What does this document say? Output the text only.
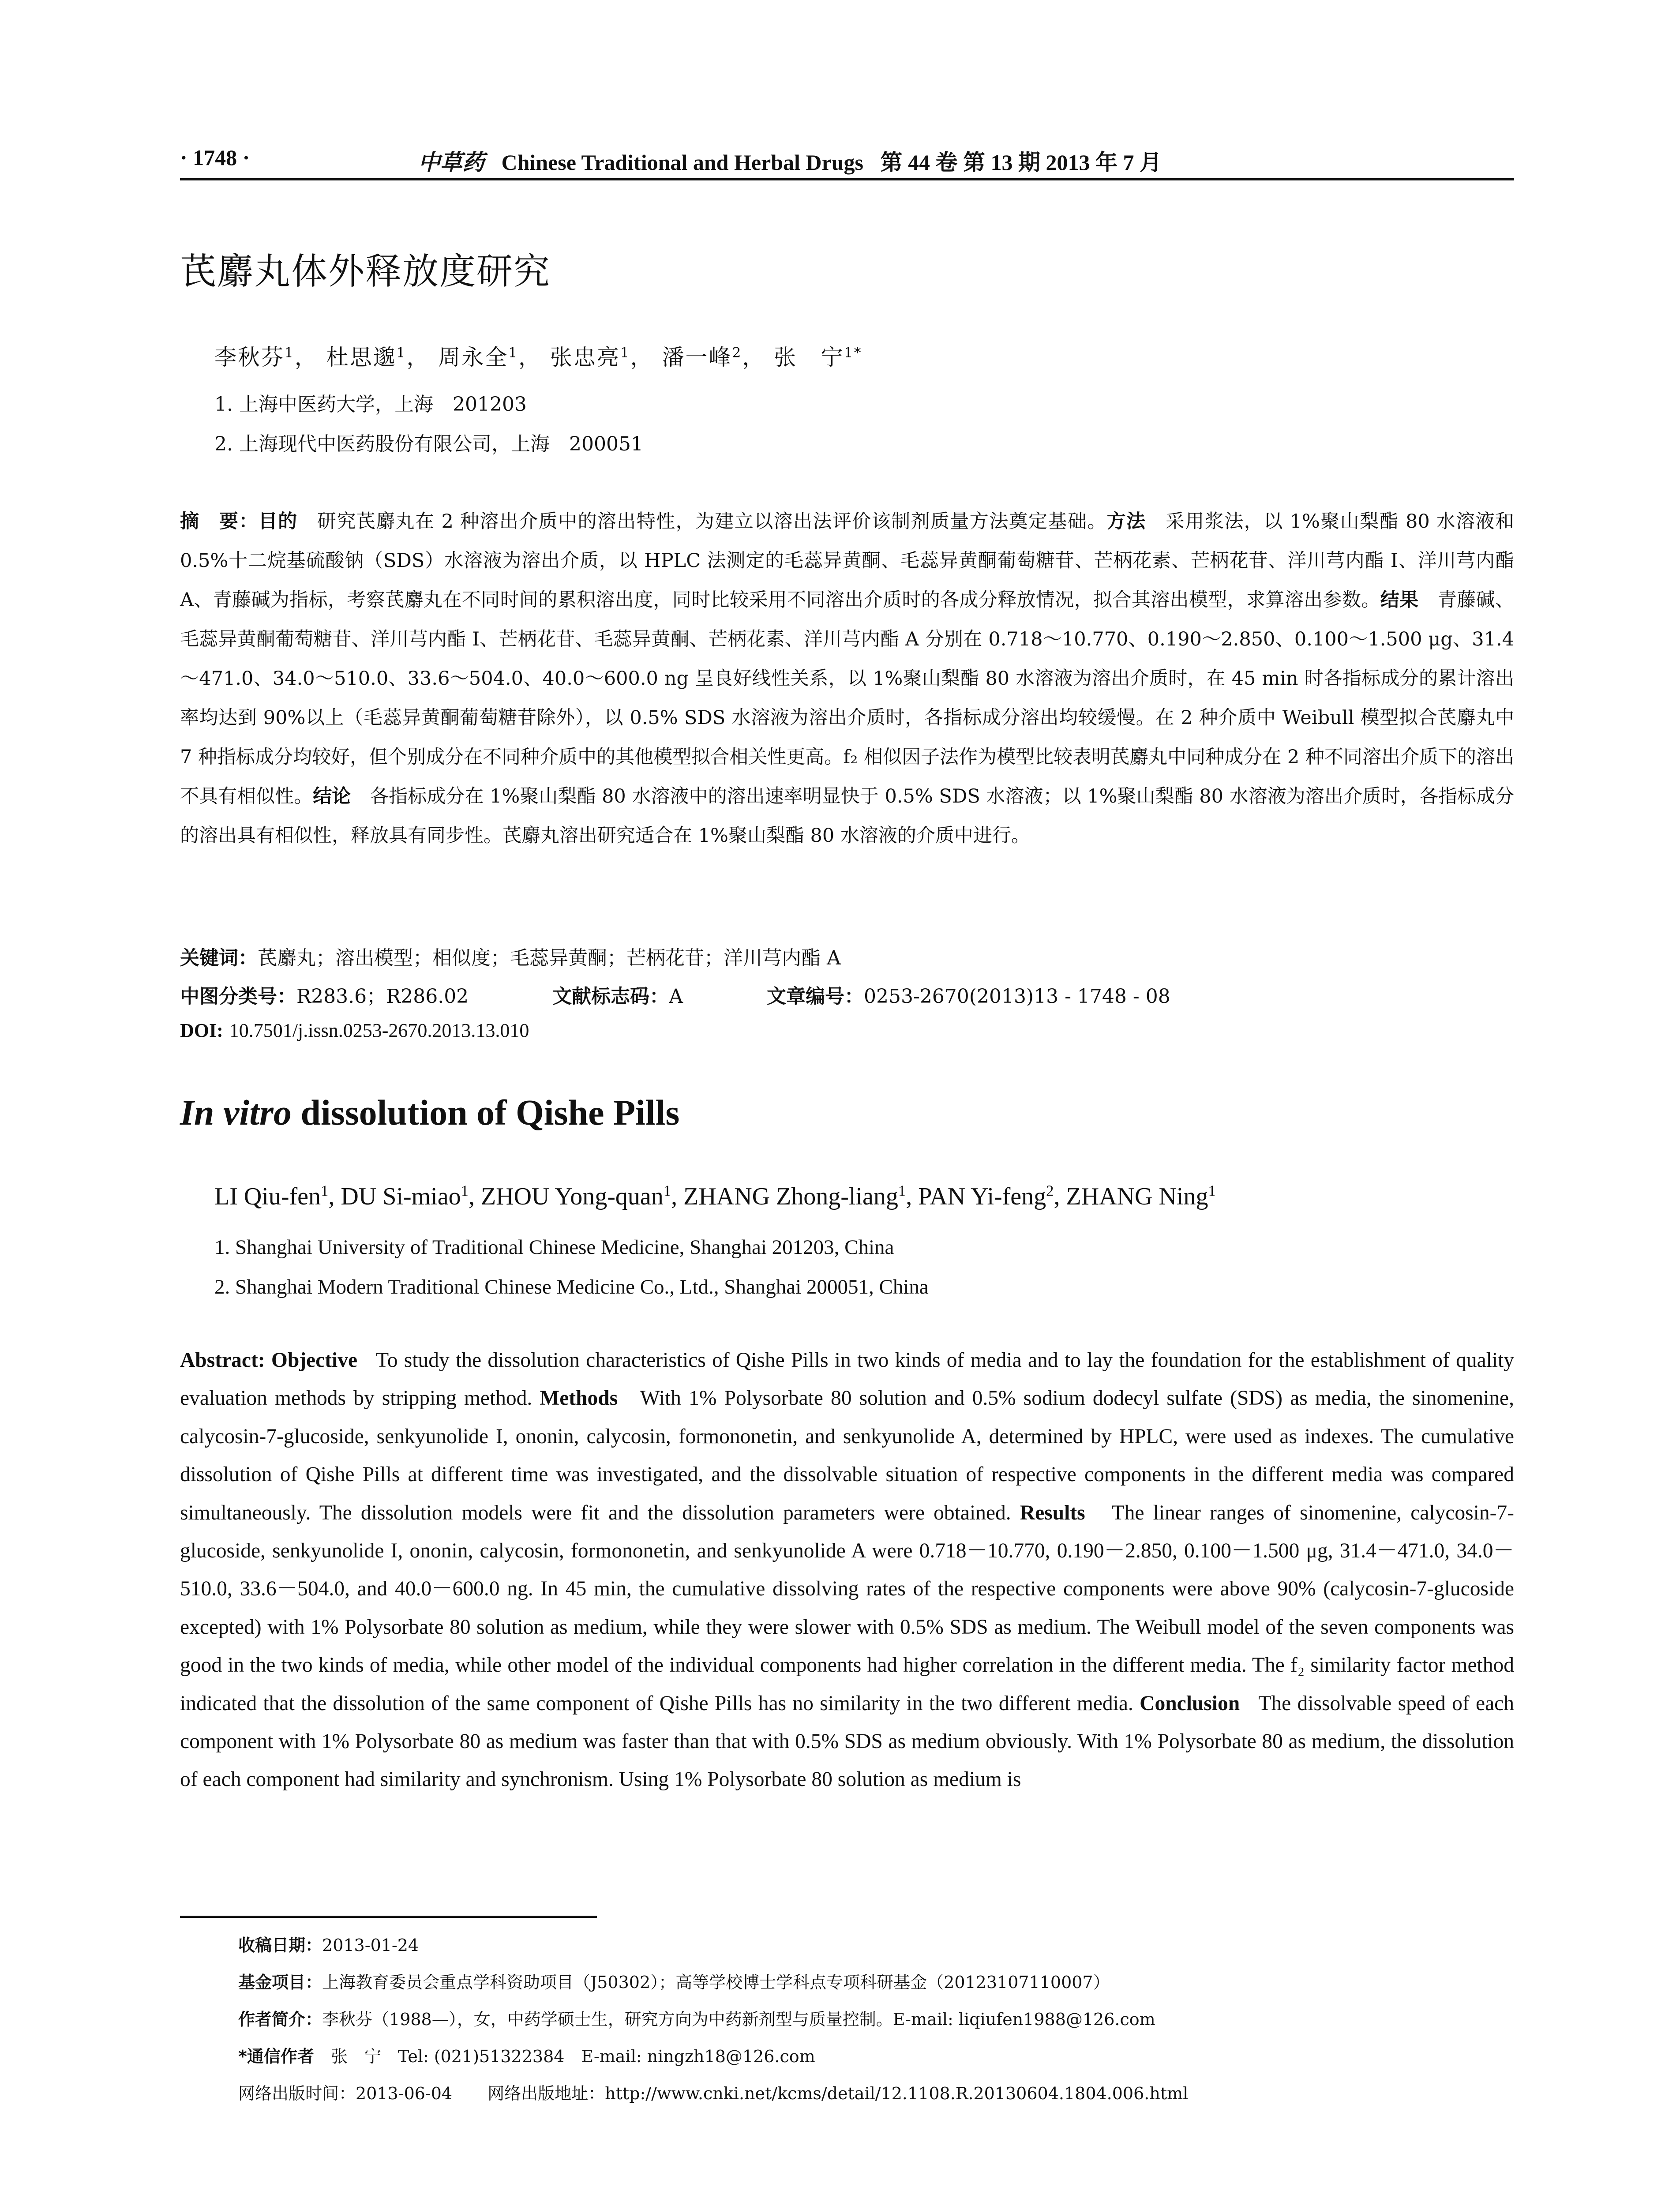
· 1748 ·	中草药 Chinese Traditional and Herbal Drugs 第 44 卷 第 13 期 2013 年 7 月
芪麝丸体外释放度研究
李秋芬$^1$， 杜思邈$^1$， 周永全$^1$， 张忠亮$^1$， 潘一峰$^2$， 张　宁$^{1*}$
1. 上海中医药大学，上海　201203
2. 上海现代中医药股份有限公司，上海　200051

摘　要：目的　 研究芪麝丸在 2 种溶出介质中的溶出特性，为建立以溶出法评价该制剂质量方法奠定基础。方法　 采用浆法，以 1%聚山梨酯 80 水溶液和 0.5%十二烷基硫酸钠（SDS）水溶液为溶出介质，以 HPLC 法测定的毛蕊异黄酮、毛蕊异黄酮葡萄糖苷、芒柄花素、芒柄花苷、洋川芎内酯 I、洋川芎内酯 A、青藤碱为指标，考察芪麝丸在不同时间的累积溶出度，同时比较采用不同溶出介质时的各成分释放情况，拟合其溶出模型，求算溶出参数。结果　 青藤碱、毛蕊异黄酮葡萄糖苷、洋川芎内酯 I、芒柄花苷、毛蕊异黄酮、芒柄花素、洋川芎内酯 A 分别在 0.718～10.770、0.190～2.850、0.100～1.500 μg、31.4～471.0、34.0～510.0、33.6～504.0、40.0～600.0 ng 呈良好线性关系，以 1%聚山梨酯 80 水溶液为溶出介质时，在 45 min 时各指标成分的累计溶出率均达到 90%以上（毛蕊异黄酮葡萄糖苷除外），以 0.5% SDS 水溶液为溶出介质时，各指标成分溶出均较缓慢。在 2 种介质中 Weibull 模型拟合芪麝丸中 7 种指标成分均较好，但个别成分在不同种介质中的其他模型拟合相关性更高。f₂ 相似因子法作为模型比较表明芪麝丸中同种成分在 2 种不同溶出介质下的溶出不具有相似性。结论　 各指标成分在 1%聚山梨酯 80 水溶液中的溶出速率明显快于 0.5% SDS 水溶液；以 1%聚山梨酯 80 水溶液为溶出介质时，各指标成分的溶出具有相似性，释放具有同步性。芪麝丸溶出研究适合在 1%聚山梨酯 80 水溶液的介质中进行。

关键词：芪麝丸；溶出模型；相似度；毛蕊异黄酮；芒柄花苷；洋川芎内酯 A
中图分类号：R283.6；R286.02	文献标志码：A	文章编号：0253-2670(2013)13 - 1748 - 08
DOI: 10.7501/j.issn.0253-2670.2013.13.010
In vitro dissolution of Qishe Pills
LI Qiu-fen$^1$, DU Si-miao$^1$, ZHOU Yong-quan$^1$, ZHANG Zhong-liang$^1$, PAN Yi-feng$^2$, ZHANG Ning$^1$
1. Shanghai University of Traditional Chinese Medicine, Shanghai 201203, China
2. Shanghai Modern Traditional Chinese Medicine Co., Ltd., Shanghai 200051, China

Abstract: Objective To study the dissolution characteristics of Qishe Pills in two kinds of media and to lay the foundation for the establishment of quality evaluation methods by stripping method. Methods With 1% Polysorbate 80 solution and 0.5% sodium dodecyl sulfate (SDS) as media, the sinomenine, calycosin-7-glucoside, senkyunolide I, ononin, calycosin, formononetin, and senkyunolide A, determined by HPLC, were used as indexes. The cumulative dissolution of Qishe Pills at different time was investigated, and the dissolvable situation of respective components in the different media was compared simultaneously. The dissolution models were fit and the dissolution parameters were obtained. Results The linear ranges of sinomenine, calycosin-7-glucoside, senkyunolide I, ononin, calycosin, formononetin, and senkyunolide A were 0.718－10.770, 0.190－2.850, 0.100－1.500 μg, 31.4－471.0, 34.0－510.0, 33.6－504.0, and 40.0－600.0 ng. In 45 min, the cumulative dissolving rates of the respective components were above 90% (calycosin-7-glucoside excepted) with 1% Polysorbate 80 solution as medium, while they were slower with 0.5% SDS as medium. The Weibull model of the seven components was good in the two kinds of media, while other model of the individual components had higher correlation in the different media. The f₂ similarity factor method indicated that the dissolution of the same component of Qishe Pills has no similarity in the two different media. Conclusion The dissolvable speed of each component with 1% Polysorbate 80 as medium was faster than that with 0.5% SDS as medium obviously. With 1% Polysorbate 80 as medium, the dissolution of each component had similarity and synchronism. Using 1% Polysorbate 80 solution as medium is

收稿日期：2013-01-24
基金项目：上海教育委员会重点学科资助项目（J50302）；高等学校博士学科点专项科研基金（20123107110007）
作者简介：李秋芬（1988—），女，中药学硕士生，研究方向为中药新剂型与质量控制。E-mail: liqiufen1988@126.com
*通信作者　 张　宁　 Tel: (021)51322384　 E-mail: ningzh18@126.com
网络出版时间：2013-06-04 网络出版地址：http://www.cnki.net/kcms/detail/12.1108.R.20130604.1804.006.html
